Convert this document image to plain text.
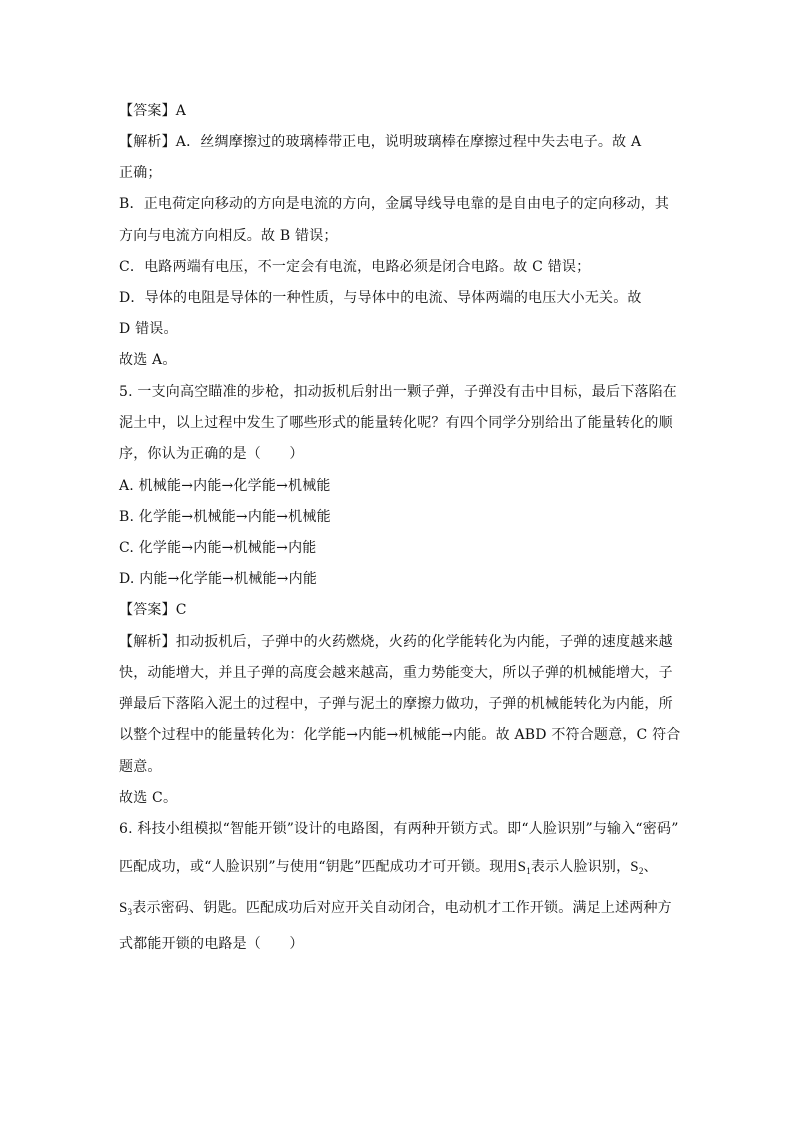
【答案】A
【解析】A．丝绸摩擦过的玻璃棒带正电，说明玻璃棒在摩擦过程中失去电子。故 A
正确；
B．正电荷定向移动的方向是电流的方向，金属导线导电靠的是自由电子的定向移动，其
方向与电流方向相反。故 B 错误；
C．电路两端有电压，不一定会有电流，电路必须是闭合电路。故 C 错误；
D．导体的电阻是导体的一种性质，与导体中的电流、导体两端的电压大小无关。故
D 错误。
故选 A。
5. 一支向高空瞄准的步枪，扣动扳机后射出一颗子弹，子弹没有击中目标，最后下落陷在
泥土中，以上过程中发生了哪些形式的能量转化呢？有四个同学分别给出了能量转化的顺
序，你认为正确的是（　　）
A. 机械能→内能→化学能→机械能
B. 化学能→机械能→内能→机械能
C. 化学能→内能→机械能→内能
D. 内能→化学能→机械能→内能
【答案】C
【解析】扣动扳机后，子弹中的火药燃烧，火药的化学能转化为内能，子弹的速度越来越
快，动能增大，并且子弹的高度会越来越高，重力势能变大，所以子弹的机械能增大，子
弹最后下落陷入泥土的过程中，子弹与泥土的摩擦力做功，子弹的机械能转化为内能，所
以整个过程中的能量转化为：化学能→内能→机械能→内能。故 ABD 不符合题意，C 符合
题意。
故选 C。
6. 科技小组模拟“智能开锁”设计的电路图，有两种开锁方式。即“人脸识别”与输入“密码”
匹配成功，或“人脸识别”与使用“钥匙”匹配成功才可开锁。现用$S_1$表示人脸识别，$S_2$、
$S_3$表示密码、钥匙。匹配成功后对应开关自动闭合，电动机才工作开锁。满足上述两种方
式都能开锁的电路是（　　）
